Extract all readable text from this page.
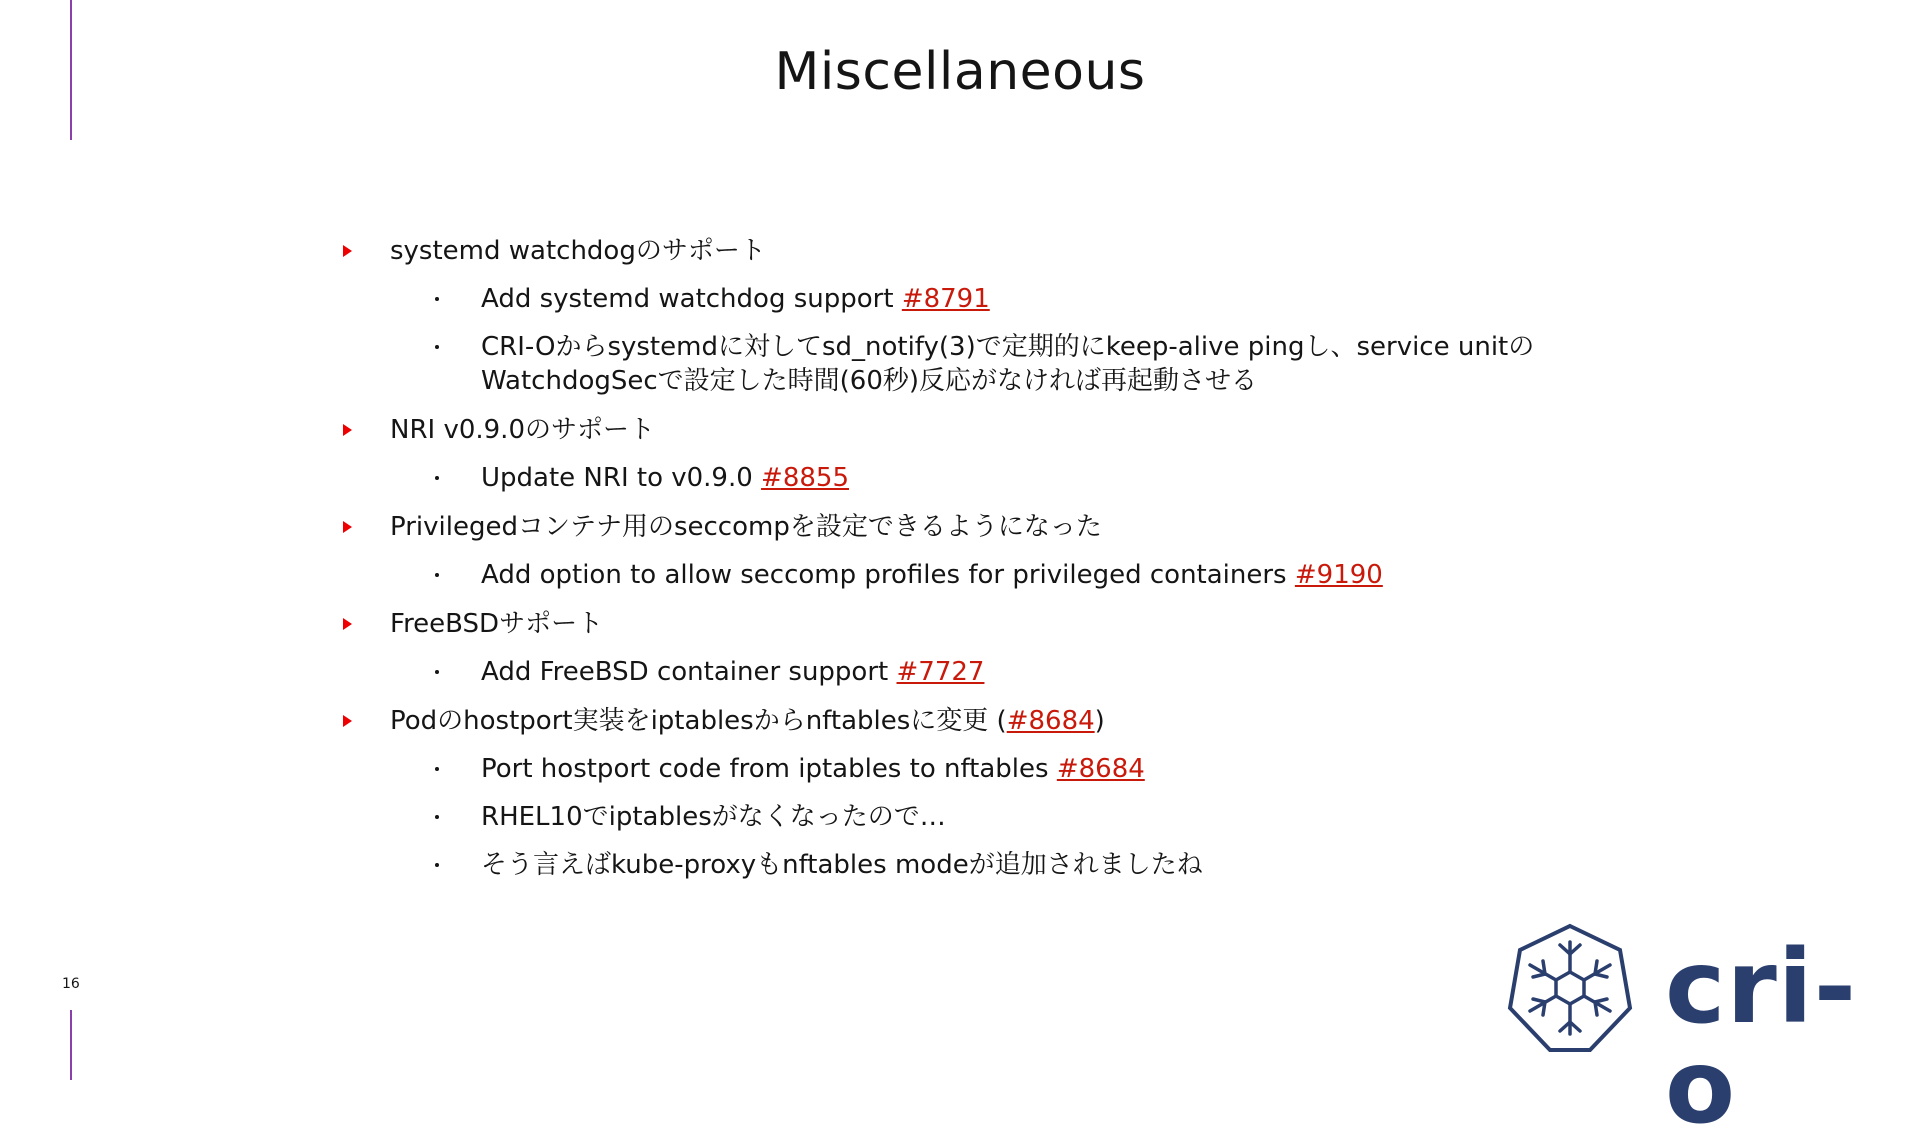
Miscellaneous
systemd watchdogのサポート
Add systemd watchdog support #8791
CRI-Oからsystemdに対してsd_notify(3)で定期的にkeep-alive pingし、service unitのWatchdogSecで設定した時間(60秒)反応がなければ再起動させる
NRI v0.9.0のサポート
Update NRI to v0.9.0 #8855
Privilegedコンテナ用のseccompを設定できるようになった
Add option to allow seccomp profiles for privileged containers #9190
FreeBSDサポート
Add FreeBSD container support #7727
Podのhostport実装をiptablesからnftablesに変更 (#8684)
Port hostport code from iptables to nftables #8684
RHEL10でiptablesがなくなったので…
そう言えばkube-proxyもnftables modeが追加されましたね
16	cri-o
